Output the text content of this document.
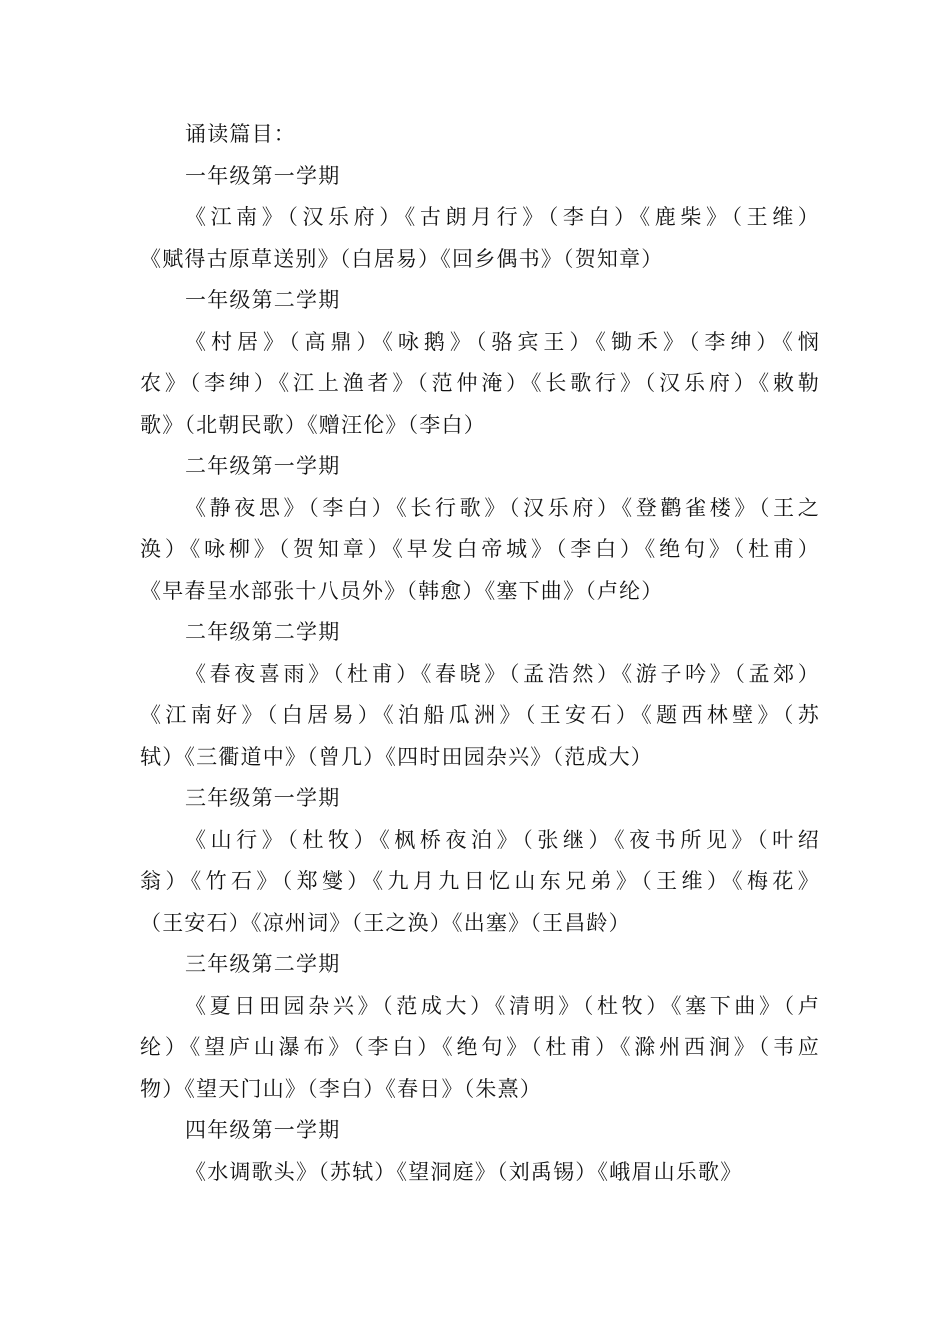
诵读篇目：

一年级第一学期

《江南》（汉乐府）《古朗月行》（李白）《鹿柴》（王维）

《赋得古原草送别》（白居易）《回乡偶书》（贺知章）

一年级第二学期

《村居》（高鼎）《咏鹅》（骆宾王）《锄禾》（李绅）《悯

农》（李绅）《江上渔者》（范仲淹）《长歌行》（汉乐府）《敕勒

歌》（北朝民歌）《赠汪伦》（李白）

二年级第一学期

《静夜思》（李白）《长行歌》（汉乐府）《登鹳雀楼》（王之

涣）《咏柳》（贺知章）《早发白帝城》（李白）《绝句》（杜甫）

《早春呈水部张十八员外》（韩愈）《塞下曲》（卢纶）

二年级第二学期

《春夜喜雨》（杜甫）《春晓》（孟浩然）《游子吟》（孟郊）

《江南好》（白居易）《泊船瓜洲》（王安石）《题西林壁》（苏

轼）《三衢道中》（曾几）《四时田园杂兴》（范成大）

三年级第一学期

《山行》（杜牧）《枫桥夜泊》（张继）《夜书所见》（叶绍

翁）《竹石》（郑燮）《九月九日忆山东兄弟》（王维）《梅花》

（王安石）《凉州词》（王之涣）《出塞》（王昌龄）

三年级第二学期

《夏日田园杂兴》（范成大）《清明》（杜牧）《塞下曲》（卢

纶）《望庐山瀑布》（李白）《绝句》（杜甫）《滁州西涧》（韦应

物）《望天门山》（李白）《春日》（朱熹）

四年级第一学期

《水调歌头》（苏轼）《望洞庭》（刘禹锡）《峨眉山乐歌》
